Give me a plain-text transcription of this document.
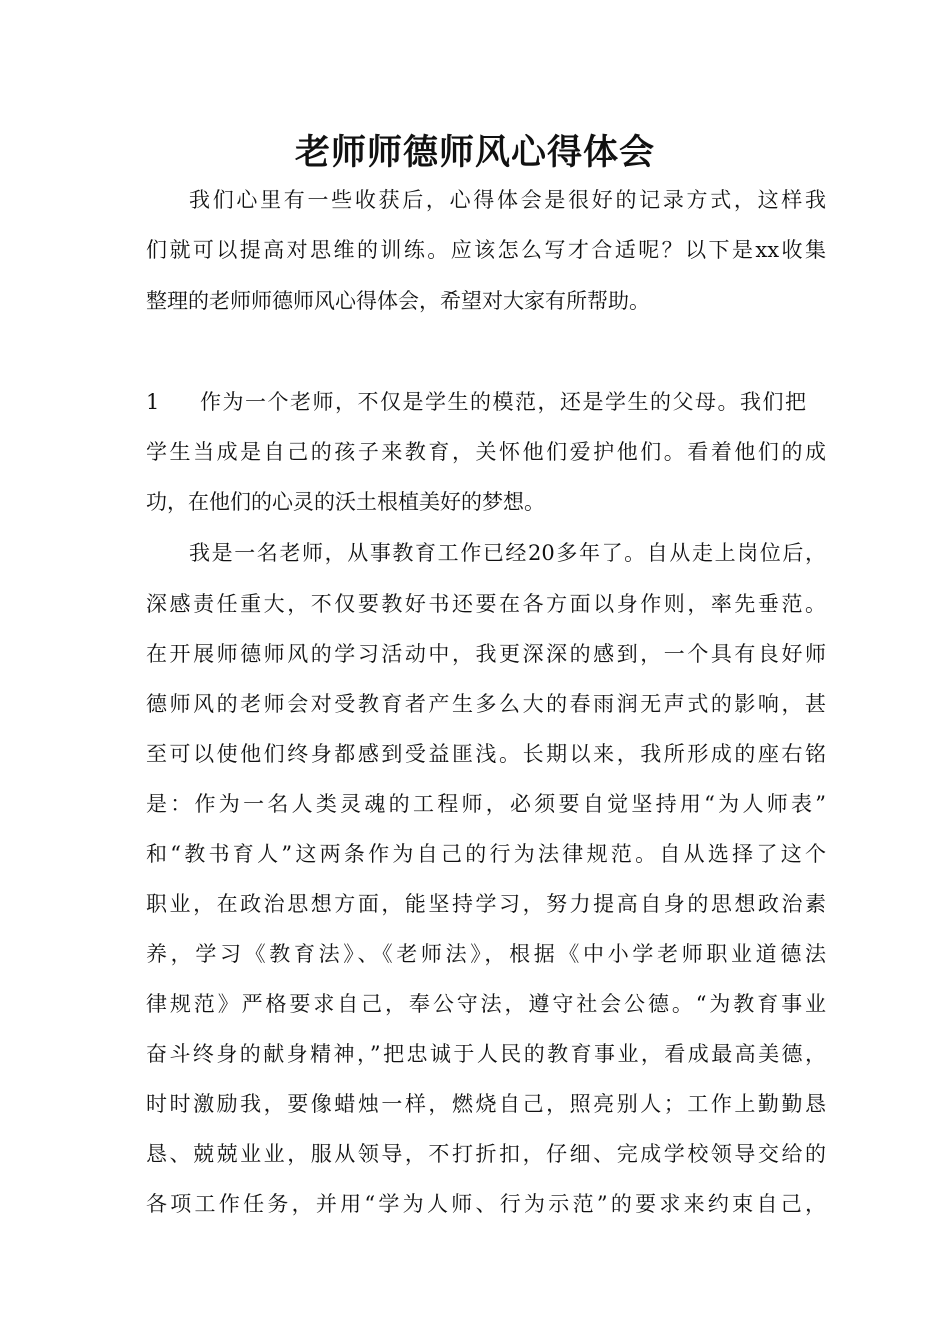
老师师德师风心得体会

我们心里有一些收获后，心得体会是很好的记录方式，这样我

们就可以提高对思维的训练。应该怎么写才合适呢？以下是xx收集

整理的老师师德师风心得体会，希望对大家有所帮助。

1	作为一个老师，不仅是学生的模范，还是学生的父母。我们把

学生当成是自己的孩子来教育，关怀他们爱护他们。看着他们的成

功，在他们的心灵的沃土根植美好的梦想。

我是一名老师，从事教育工作已经20多年了。自从走上岗位后，

深感责任重大，不仅要教好书还要在各方面以身作则，率先垂范。

在开展师德师风的学习活动中，我更深深的感到，一个具有良好师

德师风的老师会对受教育者产生多么大的春雨润无声式的影响，甚

至可以使他们终身都感到受益匪浅。长期以来，我所形成的座右铭

是：作为一名人类灵魂的工程师，必须要自觉坚持用“为人师表”

和“教书育人”这两条作为自己的行为法律规范。自从选择了这个

职业，在政治思想方面，能坚持学习，努力提高自身的思想政治素

养，学习《教育法》、《老师法》，根据《中小学老师职业道德法

律规范》严格要求自己，奉公守法，遵守社会公德。“为教育事业

奋斗终身的献身精神，”把忠诚于人民的教育事业，看成最高美德，

时时激励我，要像蜡烛一样，燃烧自己，照亮别人；工作上勤勤恳

恳、兢兢业业，服从领导，不打折扣，仔细、完成学校领导交给的

各项工作任务，并用“学为人师、行为示范”的要求来约束自己，
